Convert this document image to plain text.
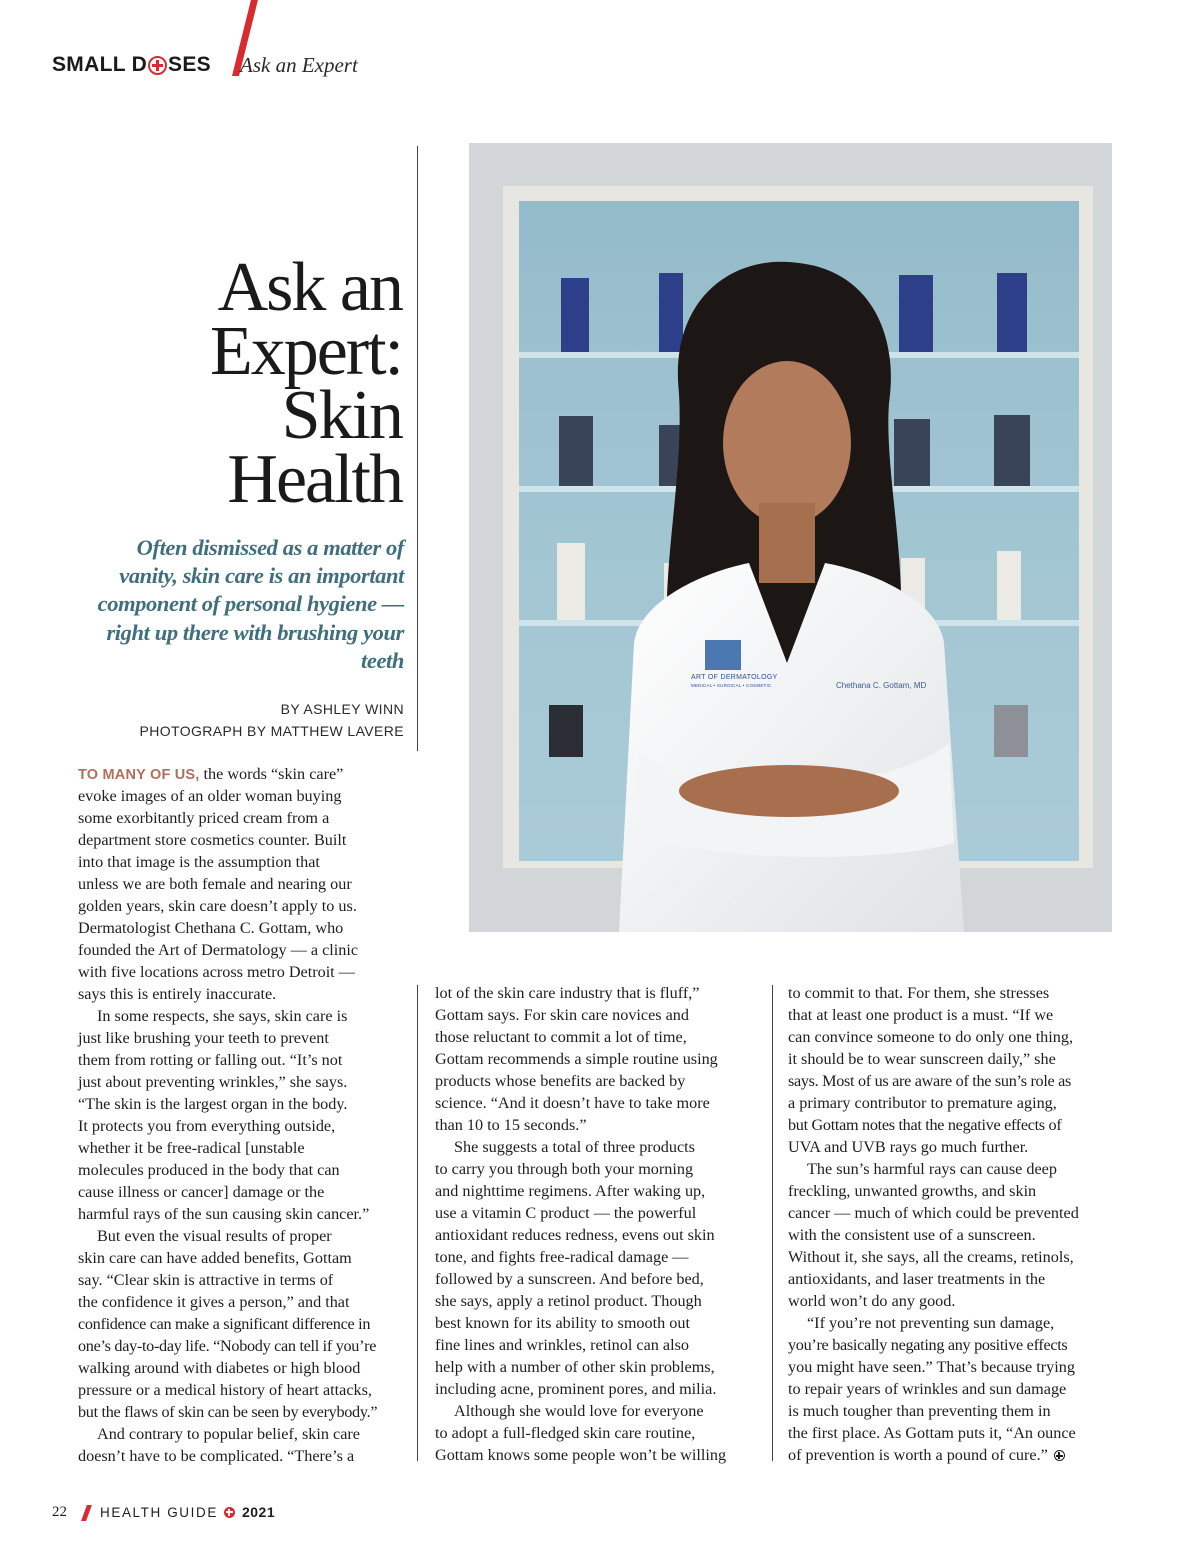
SMALL D SES Ask an Expert
Ask an
Expert:
Skin
Health
Often dismissed as a matter of vanity, skin care is an important component of personal hygiene — right up there with brushing your teeth
BY ASHLEY WINN
PHOTOGRAPH BY MATTHEW LAVERE
ART OF DERMATOLOGY
MEDICAL • SURGICAL • COSMETIC	Chethana C. Gottam, MD
TO MANY OF US, the words “skin care”
evoke images of an older woman buying
some exorbitantly priced cream from a
department store cosmetics counter. Built
into that image is the assumption that
unless we are both female and nearing our
golden years, skin care doesn’t apply to us.
Dermatologist Chethana C. Gottam, who
founded the Art of Dermatology — a clinic
with five locations across metro Detroit —
says this is entirely inaccurate.
In some respects, she says, skin care is
just like brushing your teeth to prevent
them from rotting or falling out. “It’s not
just about preventing wrinkles,” she says.
“The skin is the largest organ in the body.
It protects you from everything outside,
whether it be free-radical [unstable
molecules produced in the body that can
cause illness or cancer] damage or the
harmful rays of the sun causing skin cancer.”
But even the visual results of proper
skin care can have added benefits, Gottam
say. “Clear skin is attractive in terms of
the confidence it gives a person,” and that
confidence can make a significant difference in
one’s day-to-day life. “Nobody can tell if you’re
walking around with diabetes or high blood
pressure or a medical history of heart attacks,
but the flaws of skin can be seen by everybody.”
And contrary to popular belief, skin care
doesn’t have to be complicated. “There’s a
lot of the skin care industry that is fluff,”
Gottam says. For skin care novices and
those reluctant to commit a lot of time,
Gottam recommends a simple routine using
products whose benefits are backed by
science. “And it doesn’t have to take more
than 10 to 15 seconds.”
She suggests a total of three products
to carry you through both your morning
and nighttime regimens. After waking up,
use a vitamin C product — the powerful
antioxidant reduces redness, evens out skin
tone, and fights free-radical damage —
followed by a sunscreen. And before bed,
she says, apply a retinol product. Though
best known for its ability to smooth out
fine lines and wrinkles, retinol can also
help with a number of other skin problems,
including acne, prominent pores, and milia.
Although she would love for everyone
to adopt a full-fledged skin care routine,
Gottam knows some people won’t be willing
to commit to that. For them, she stresses
that at least one product is a must. “If we
can convince someone to do only one thing,
it should be to wear sunscreen daily,” she
says. Most of us are aware of the sun’s role as
a primary contributor to premature aging,
but Gottam notes that the negative effects of
UVA and UVB rays go much further.
The sun’s harmful rays can cause deep
freckling, unwanted growths, and skin
cancer — much of which could be prevented
with the consistent use of a sunscreen.
Without it, she says, all the creams, retinols,
antioxidants, and laser treatments in the
world won’t do any good.
“If you’re not preventing sun damage,
you’re basically negating any positive effects
you might have seen.” That’s because trying
to repair years of wrinkles and sun damage
is much tougher than preventing them in
the first place. As Gottam puts it, “An ounce
of prevention is worth a pound of cure.”
22 HEALTH GUIDE 2021
